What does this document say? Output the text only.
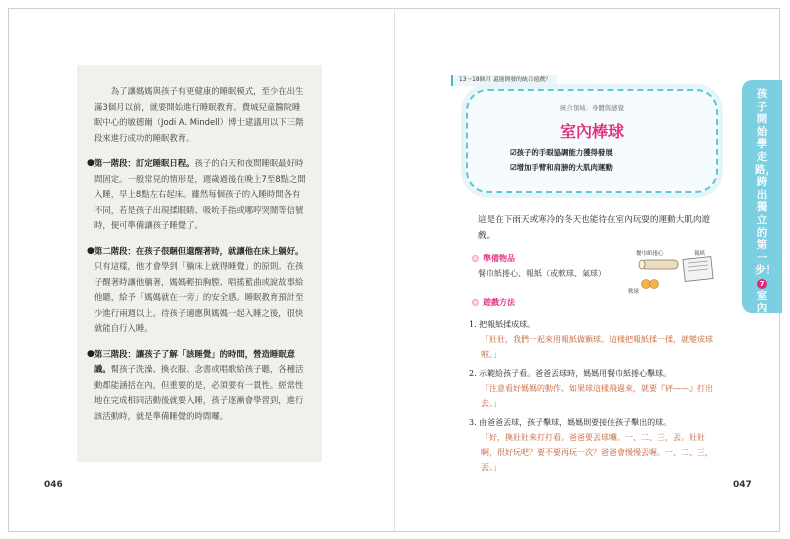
為了讓媽媽與孩子有更健康的睡眠模式，至少在出生滿3個月以前，就要開始進行睡眠教育。費城兒童醫院睡眠中心的敏德爾（Jodi A. Mindell）博士建議用以下三階段來進行成功的睡眠教育。

● 第一階段：訂定睡眠日程。孩子的白天和夜間睡眠最好時間固定。一般常見的情形是，週歲過後在晚上7至8點之間入睡，早上8點左右起床。雖然每個孩子的入睡時間各有不同，若是孩子出現揉眼睛、吸吮手指或哪哼哭鬧等信號時，便可準備讓孩子睡覺了。
● 第二階段：在孩子很睏但還醒著時，就讓他在床上躺好。只有這樣，他才會學到「躺床上就得睡覺」的原則。在孩子醒著時讓他躺著，媽媽輕拍胸膛、唱搖籃曲或說故事給他聽，給予「媽媽就在一旁」的安全感。睡眠教育預計至少進行兩週以上。待孩子適應與媽媽一起入睡之後，很快就能自行入睡。
● 第三階段：讓孩子了解「該睡覺」的時間，營造睡眠意識。幫孩子洗澡、換衣服、念書或唱歌給孩子聽，各種活動都能涵括在內，但重要的是，必須要有一貫性。經常性地在完成相同活動後就要入睡，孩子逐漸會學習到，進行該活動時，就是準備睡覺的時間囉。
046
13～18個月 還能開發的統合遊戲？
統合領域：身體與感覺
室內棒球
☑孩子的手眼協調能力獲得發展
☑增加手臂和肩膀的大肌肉運動
這是在下雨天或寒冷的冬天也能待在室內玩耍的運動大肌肉遊戲。
準備物品
餐巾紙捲心、報紙（或軟球、氣球）
餐巾紙捲心	報紙
軟球
遊戲方法
1. 把報紙揉成球。
「壯壯，我們一起來用報紙做顆球。這樣把報紙揉一揉，就變成球啦。」
2. 示範給孩子看。爸爸丟球時，媽媽用餐巾紙捲心擊球。
「注意看好媽媽的動作。如果球這樣飛過來，就要『砰——』打出去。」
3. 由爸爸丟球，孩子擊球，媽媽則要接住孩子擊出的球。
「好，換壯壯來打打看。爸爸要丟球囉。一、二、三，丟。壯壯啊，很好玩吧？要不要再玩一次？爸爸會慢慢丟喔。一、二、三，丟。」
047
孩子開始學走路，跨出獨立的第一步！7室內棒球
